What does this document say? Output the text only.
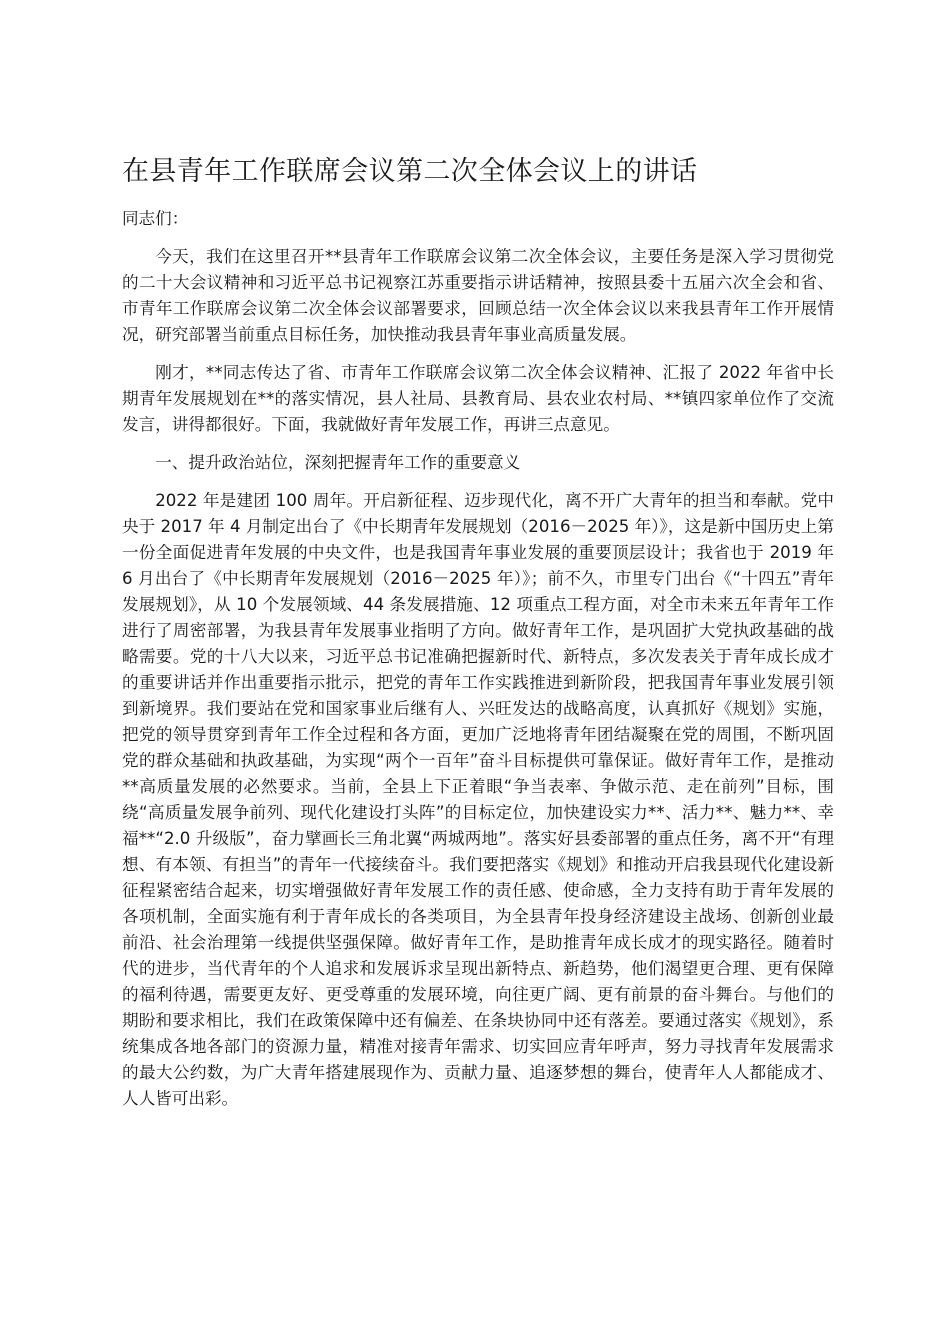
在县青年工作联席会议第二次全体会议上的讲话

同志们：

今天，我们在这里召开**县青年工作联席会议第二次全体会议，主要任务是深入学习贯彻党的二十大会议精神和习近平总书记视察江苏重要指示讲话精神，按照县委十五届六次全会和省、市青年工作联席会议第二次全体会议部署要求，回顾总结一次全体会议以来我县青年工作开展情况，研究部署当前重点目标任务，加快推动我县青年事业高质量发展。

刚才，**同志传达了省、市青年工作联席会议第二次全体会议精神、汇报了 2022 年省中长期青年发展规划在**的落实情况，县人社局、县教育局、县农业农村局、**镇四家单位作了交流发言，讲得都很好。下面，我就做好青年发展工作，再讲三点意见。

一、提升政治站位，深刻把握青年工作的重要意义

2022 年是建团 100 周年。开启新征程、迈步现代化，离不开广大青年的担当和奉献。党中央于 2017 年 4 月制定出台了《中长期青年发展规划（2016－2025 年）》，这是新中国历史上第一份全面促进青年发展的中央文件，也是我国青年事业发展的重要顶层设计；我省也于 2019 年 6 月出台了《中长期青年发展规划（2016－2025 年）》；前不久，市里专门出台《“十四五”青年发展规划》，从 10 个发展领域、44 条发展措施、12 项重点工程方面，对全市未来五年青年工作进行了周密部署，为我县青年发展事业指明了方向。做好青年工作，是巩固扩大党执政基础的战略需要。党的十八大以来，习近平总书记准确把握新时代、新特点，多次发表关于青年成长成才的重要讲话并作出重要指示批示，把党的青年工作实践推进到新阶段，把我国青年事业发展引领到新境界。我们要站在党和国家事业后继有人、兴旺发达的战略高度，认真抓好《规划》实施，把党的领导贯穿到青年工作全过程和各方面，更加广泛地将青年团结凝聚在党的周围，不断巩固党的群众基础和执政基础，为实现“两个一百年”奋斗目标提供可靠保证。做好青年工作，是推动**高质量发展的必然要求。当前，全县上下正着眼“争当表率、争做示范、走在前列”目标，围绕“高质量发展争前列、现代化建设打头阵”的目标定位，加快建设实力**、活力**、魅力**、幸福**“2.0 升级版”，奋力擘画长三角北翼“两城两地”。落实好县委部署的重点任务，离不开“有理想、有本领、有担当”的青年一代接续奋斗。我们要把落实《规划》和推动开启我县现代化建设新征程紧密结合起来，切实增强做好青年发展工作的责任感、使命感，全力支持有助于青年发展的各项机制，全面实施有利于青年成长的各类项目，为全县青年投身经济建设主战场、创新创业最前沿、社会治理第一线提供坚强保障。做好青年工作，是助推青年成长成才的现实路径。随着时代的进步，当代青年的个人追求和发展诉求呈现出新特点、新趋势，他们渴望更合理、更有保障的福利待遇，需要更友好、更受尊重的发展环境，向往更广阔、更有前景的奋斗舞台。与他们的期盼和要求相比，我们在政策保障中还有偏差、在条块协同中还有落差。要通过落实《规划》，系统集成各地各部门的资源力量，精准对接青年需求、切实回应青年呼声，努力寻找青年发展需求的最大公约数，为广大青年搭建展现作为、贡献力量、追逐梦想的舞台，使青年人人都能成才、人人皆可出彩。
